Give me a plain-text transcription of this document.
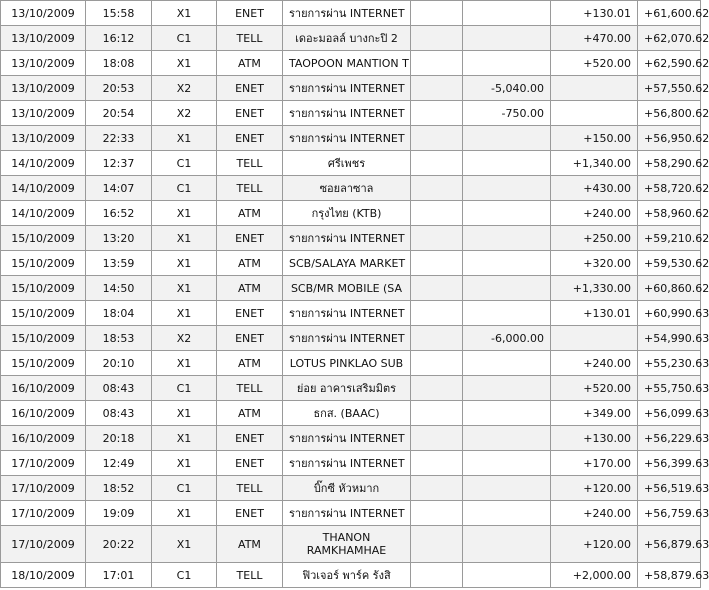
13/10/2009	15:58	X1	ENET	รายการผ่าน INTERNET			+130.01	+61,600.62
13/10/2009	16:12	C1	TELL	เดอะมอลล์ บางกะปิ 2			+470.00	+62,070.62
13/10/2009	18:08	X1	ATM	TAOPOON MANTION T			+520.00	+62,590.62
13/10/2009	20:53	X2	ENET	รายการผ่าน INTERNET		-5,040.00		+57,550.62
13/10/2009	20:54	X2	ENET	รายการผ่าน INTERNET		-750.00		+56,800.62
13/10/2009	22:33	X1	ENET	รายการผ่าน INTERNET			+150.00	+56,950.62
14/10/2009	12:37	C1	TELL	ศรีเพชร			+1,340.00	+58,290.62
14/10/2009	14:07	C1	TELL	ซอยลาซาล			+430.00	+58,720.62
14/10/2009	16:52	X1	ATM	กรุงไทย (KTB)			+240.00	+58,960.62
15/10/2009	13:20	X1	ENET	รายการผ่าน INTERNET			+250.00	+59,210.62
15/10/2009	13:59	X1	ATM	SCB/SALAYA MARKET			+320.00	+59,530.62
15/10/2009	14:50	X1	ATM	SCB/MR MOBILE (SA			+1,330.00	+60,860.62
15/10/2009	18:04	X1	ENET	รายการผ่าน INTERNET			+130.01	+60,990.63
15/10/2009	18:53	X2	ENET	รายการผ่าน INTERNET		-6,000.00		+54,990.63
15/10/2009	20:10	X1	ATM	LOTUS PINKLAO SUB			+240.00	+55,230.63
16/10/2009	08:43	C1	TELL	ย่อย อาคารเสริมมิตร			+520.00	+55,750.63
16/10/2009	08:43	X1	ATM	ธกส. (BAAC)			+349.00	+56,099.63
16/10/2009	20:18	X1	ENET	รายการผ่าน INTERNET			+130.00	+56,229.63
17/10/2009	12:49	X1	ENET	รายการผ่าน INTERNET			+170.00	+56,399.63
17/10/2009	18:52	C1	TELL	บิ๊กซี หัวหมาก			+120.00	+56,519.63
17/10/2009	19:09	X1	ENET	รายการผ่าน INTERNET			+240.00	+56,759.63
17/10/2009	20:22	X1	ATM	THANON RAMKHAMHAE			+120.00	+56,879.63
18/10/2009	17:01	C1	TELL	ฟิวเจอร์ พาร์ค รังสิ			+2,000.00	+58,879.63
